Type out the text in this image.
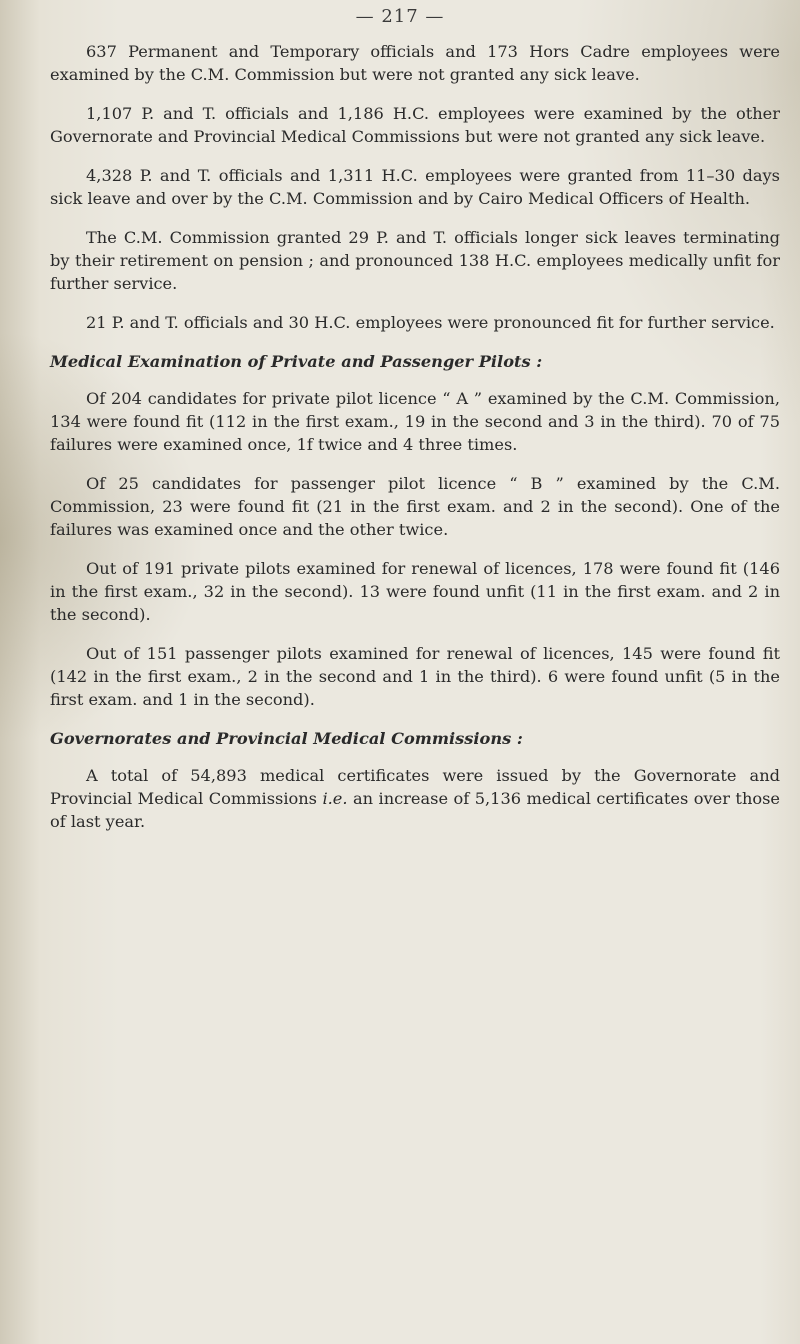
— 217 —

637 Permanent and Temporary officials and 173 Hors Cadre employees were examined by the C.M. Commission but were not granted any sick leave.

1,107 P. and T. officials and 1,186 H.C. employees were examined by the other Governorate and Provincial Medical Commissions but were not granted any sick leave.

4,328 P. and T. officials and 1,311 H.C. employees were granted from 11–30 days sick leave and over by the C.M. Commission and by Cairo Medical Officers of Health.

The C.M. Commission granted 29 P. and T. officials longer sick leaves terminating by their retirement on pension ; and pronounced 138 H.C. employees medically unfit for further service.

21 P. and T. officials and 30 H.C. employees were pronounced fit for further service.

Medical Examination of Private and Passenger Pilots :

Of 204 candidates for private pilot licence “ A ” examined by the C.M. Commission, 134 were found fit (112 in the first exam., 19 in the second and 3 in the third). 70 of 75 failures were examined once, 1f twice and 4 three times.

Of 25 candidates for passenger pilot licence “ B ” examined by the C.M. Commission, 23 were found fit (21 in the first exam. and 2 in the second). One of the failures was examined once and the other twice.

Out of 191 private pilots examined for renewal of licences, 178 were found fit (146 in the first exam., 32 in the second). 13 were found unfit (11 in the first exam. and 2 in the second).

Out of 151 passenger pilots examined for renewal of licences, 145 were found fit (142 in the first exam., 2 in the second and 1 in the third). 6 were found unfit (5 in the first exam. and 1 in the second).

Governorates and Provincial Medical Commissions :

A total of 54,893 medical certificates were issued by the Governorate and Provincial Medical Commissions i.e. an increase of 5,136 medical certificates over those of last year.
